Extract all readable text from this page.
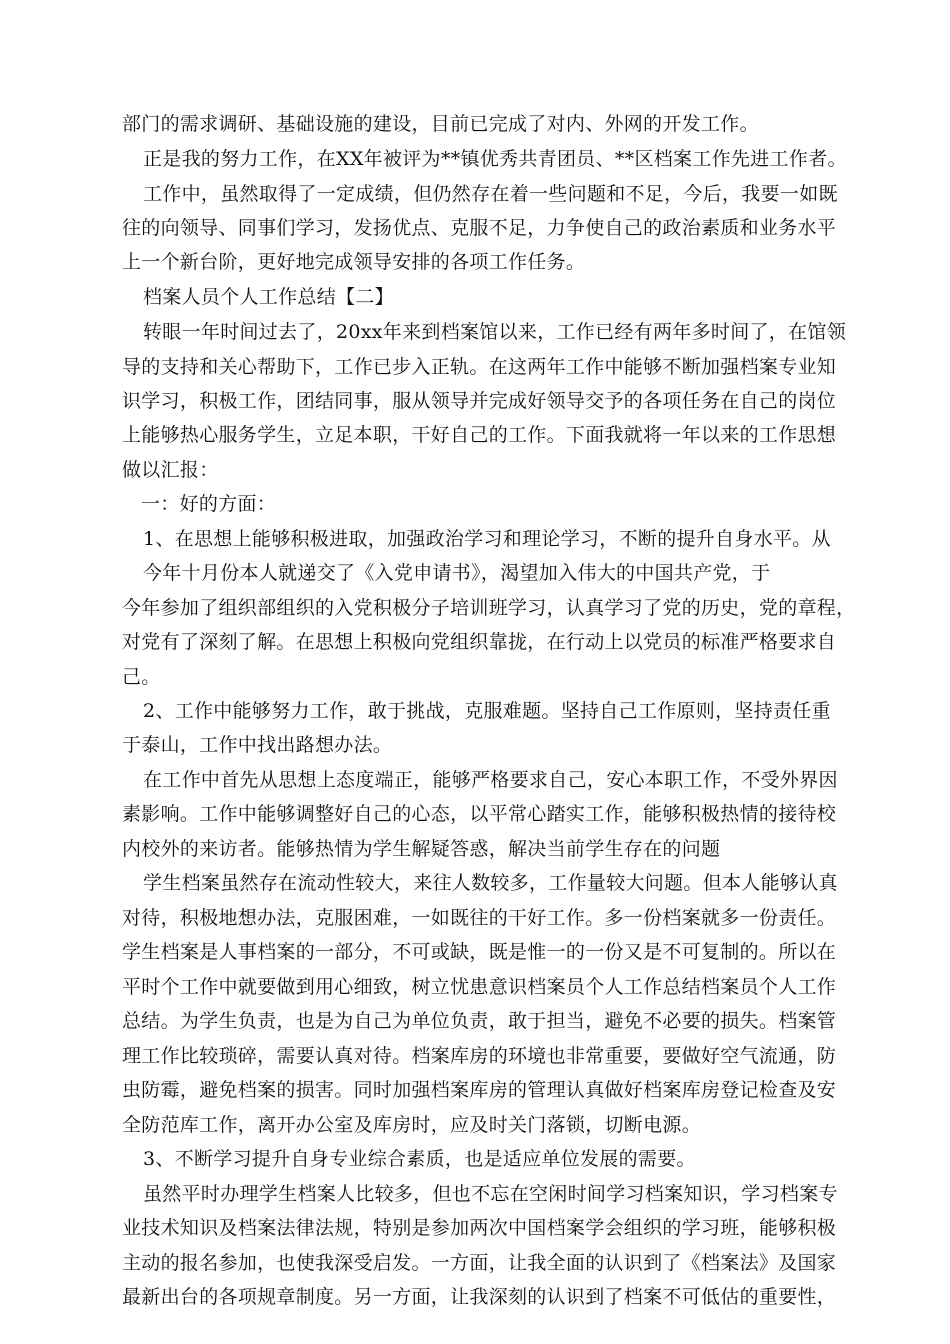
部门的需求调研、基础设施的建设，目前已完成了对内、外网的开发工作。
正是我的努力工作，在XX年被评为**镇优秀共青团员、**区档案工作先进工作者。
工作中，虽然取得了一定成绩，但仍然存在着一些问题和不足，今后，我要一如既
往的向领导、同事们学习，发扬优点、克服不足，力争使自己的政治素质和业务水平
上一个新台阶，更好地完成领导安排的各项工作任务。
档案人员个人工作总结【二】
转眼一年时间过去了，20xx年来到档案馆以来，工作已经有两年多时间了，在馆领
导的支持和关心帮助下，工作已步入正轨。在这两年工作中能够不断加强档案专业知
识学习，积极工作，团结同事，服从领导并完成好领导交予的各项任务在自己的岗位
上能够热心服务学生，立足本职，干好自己的工作。下面我就将一年以来的工作思想
做以汇报：
一：好的方面：
1、在思想上能够积极进取，加强政治学习和理论学习，不断的提升自身水平。从
今年十月份本人就递交了《入党申请书》，渴望加入伟大的中国共产党，于
今年参加了组织部组织的入党积极分子培训班学习，认真学习了党的历史，党的章程，
对党有了深刻了解。在思想上积极向党组织靠拢，在行动上以党员的标准严格要求自
己。
2、工作中能够努力工作，敢于挑战，克服难题。坚持自己工作原则，坚持责任重
于泰山，工作中找出路想办法。
在工作中首先从思想上态度端正，能够严格要求自己，安心本职工作，不受外界因
素影响。工作中能够调整好自己的心态，以平常心踏实工作，能够积极热情的接待校
内校外的来访者。能够热情为学生解疑答惑，解决当前学生存在的问题
学生档案虽然存在流动性较大，来往人数较多，工作量较大问题。但本人能够认真
对待，积极地想办法，克服困难，一如既往的干好工作。多一份档案就多一份责任。
学生档案是人事档案的一部分，不可或缺，既是惟一的一份又是不可复制的。所以在
平时个工作中就要做到用心细致，树立忧患意识档案员个人工作总结档案员个人工作
总结。为学生负责，也是为自己为单位负责，敢于担当，避免不必要的损失。档案管
理工作比较琐碎，需要认真对待。档案库房的环境也非常重要，要做好空气流通，防
虫防霉，避免档案的损害。同时加强档案库房的管理认真做好档案库房登记检查及安
全防范库工作，离开办公室及库房时，应及时关门落锁，切断电源。
3、不断学习提升自身专业综合素质，也是适应单位发展的需要。
虽然平时办理学生档案人比较多，但也不忘在空闲时间学习档案知识，学习档案专
业技术知识及档案法律法规，特别是参加两次中国档案学会组织的学习班，能够积极
主动的报名参加，也使我深受启发。一方面，让我全面的认识到了《档案法》及国家
最新出台的各项规章制度。另一方面，让我深刻的认识到了档案不可低估的重要性，
